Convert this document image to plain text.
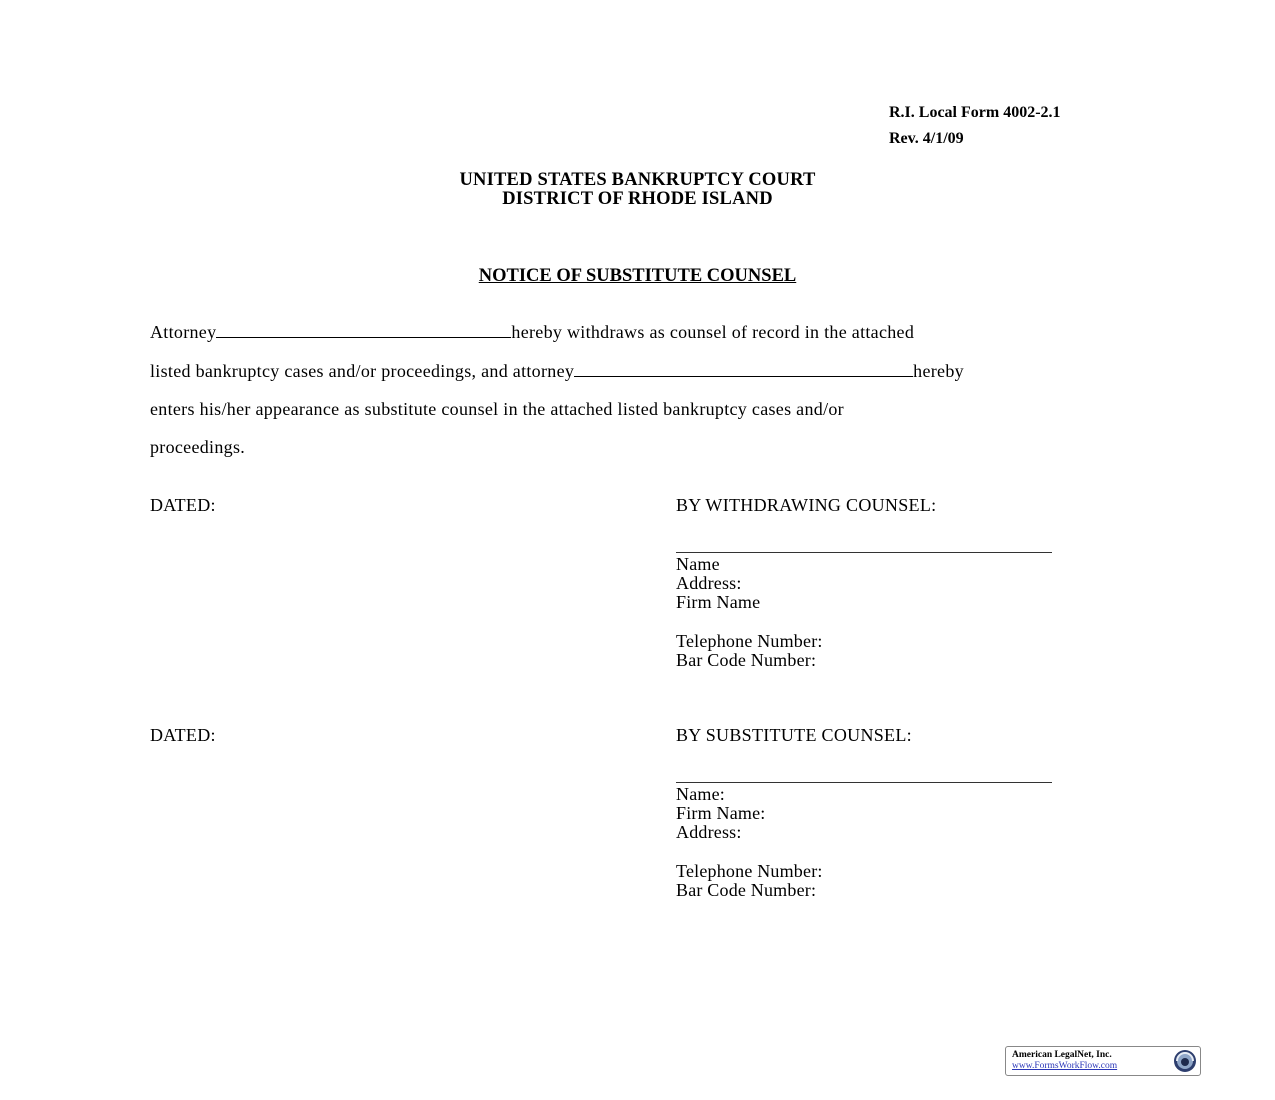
R.I. Local Form 4002-2.1
Rev. 4/1/09
UNITED STATES BANKRUPTCY COURT
DISTRICT OF RHODE ISLAND
NOTICE OF SUBSTITUTE COUNSEL
Attorney	hereby withdraws as counsel of record in the attached
listed bankruptcy cases and/or proceedings, and attorney	hereby
enters his/her appearance as substitute counsel in the attached listed bankruptcy cases and/or
proceedings.
DATED:	BY WITHDRAWING COUNSEL:
Name
Address:
Firm Name
Telephone Number:
Bar Code Number:
DATED:	BY SUBSTITUTE COUNSEL:
Name:
Firm Name:
Address:
Telephone Number:
Bar Code Number:
American LegalNet, Inc.
www.FormsWorkFlow.com
